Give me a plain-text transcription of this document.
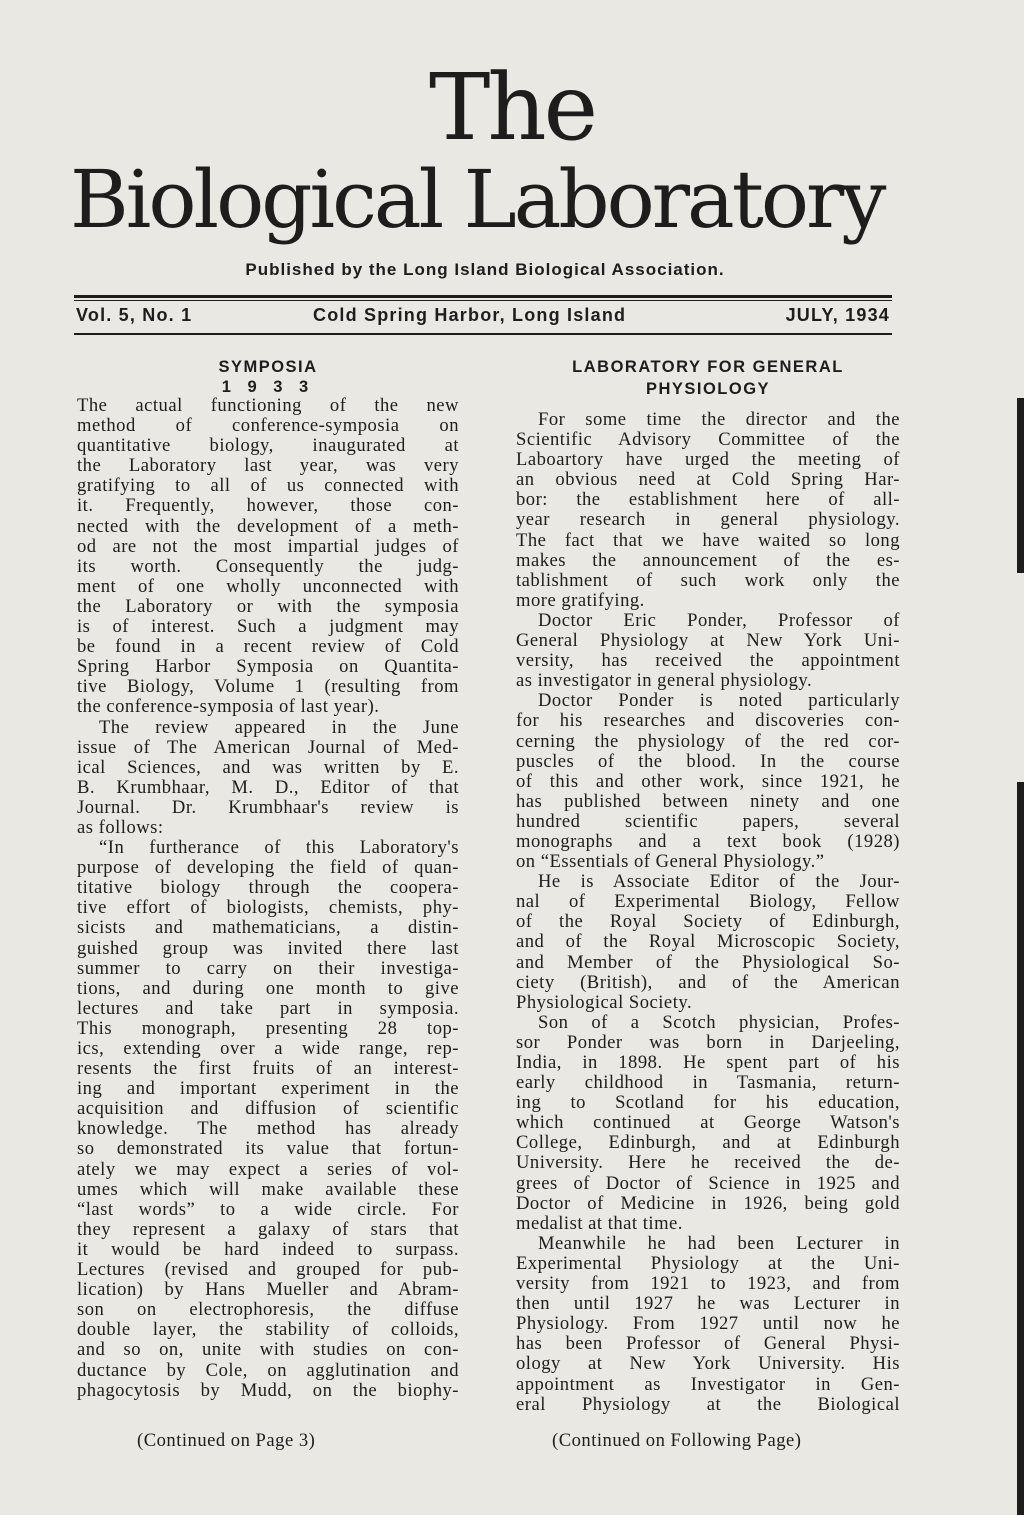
The
Biological Laboratory
Published by the Long Island Biological Association.
Vol. 5, No. 1	Cold Spring Harbor, Long Island	JULY, 1934
SYMPOSIA
1 9 3 3
The actual functioning of the new
method of conference-symposia on
quantitative biology, inaugurated at
the Laboratory last year, was very
gratifying to all of us connected with
it. Frequently, however, those con-
nected with the development of a meth-
od are not the most impartial judges of
its worth. Consequently the judg-
ment of one wholly unconnected with
the Laboratory or with the symposia
is of interest. Such a judgment may
be found in a recent review of Cold
Spring Harbor Symposia on Quantita-
tive Biology, Volume 1 (resulting from
the conference-symposia of last year).
The review appeared in the June
issue of The American Journal of Med-
ical Sciences, and was written by E.
B. Krumbhaar, M. D., Editor of that
Journal. Dr. Krumbhaar's review is
as follows:
“In furtherance of this Laboratory's
purpose of developing the field of quan-
titative biology through the coopera-
tive effort of biologists, chemists, phy-
sicists and mathematicians, a distin-
guished group was invited there last
summer to carry on their investiga-
tions, and during one month to give
lectures and take part in symposia.
This monograph, presenting 28 top-
ics, extending over a wide range, rep-
resents the first fruits of an interest-
ing and important experiment in the
acquisition and diffusion of scientific
knowledge. The method has already
so demonstrated its value that fortun-
ately we may expect a series of vol-
umes which will make available these
“last words” to a wide circle. For
they represent a galaxy of stars that
it would be hard indeed to surpass.
Lectures (revised and grouped for pub-
lication) by Hans Mueller and Abram-
son on electrophoresis, the diffuse
double layer, the stability of colloids,
and so on, unite with studies on con-
ductance by Cole, on agglutination and
phagocytosis by Mudd, on the biophy-
LABORATORY FOR GENERAL
PHYSIOLOGY
For some time the director and the
Scientific Advisory Committee of the
Laboartory have urged the meeting of
an obvious need at Cold Spring Har-
bor: the establishment here of all-
year research in general physiology.
The fact that we have waited so long
makes the announcement of the es-
tablishment of such work only the
more gratifying.
Doctor Eric Ponder, Professor of
General Physiology at New York Uni-
versity, has received the appointment
as investigator in general physiology.
Doctor Ponder is noted particularly
for his researches and discoveries con-
cerning the physiology of the red cor-
puscles of the blood. In the course
of this and other work, since 1921, he
has published between ninety and one
hundred scientific papers, several
monographs and a text book (1928)
on “Essentials of General Physiology.”
He is Associate Editor of the Jour-
nal of Experimental Biology, Fellow
of the Royal Society of Edinburgh,
and of the Royal Microscopic Society,
and Member of the Physiological So-
ciety (British), and of the American
Physiological Society.
Son of a Scotch physician, Profes-
sor Ponder was born in Darjeeling,
India, in 1898. He spent part of his
early childhood in Tasmania, return-
ing to Scotland for his education,
which continued at George Watson's
College, Edinburgh, and at Edinburgh
University. Here he received the de-
grees of Doctor of Science in 1925 and
Doctor of Medicine in 1926, being gold
medalist at that time.
Meanwhile he had been Lecturer in
Experimental Physiology at the Uni-
versity from 1921 to 1923, and from
then until 1927 he was Lecturer in
Physiology. From 1927 until now he
has been Professor of General Physi-
ology at New York University. His
appointment as Investigator in Gen-
eral Physiology at the Biological
(Continued on Page 3)	(Continued on Following Page)
